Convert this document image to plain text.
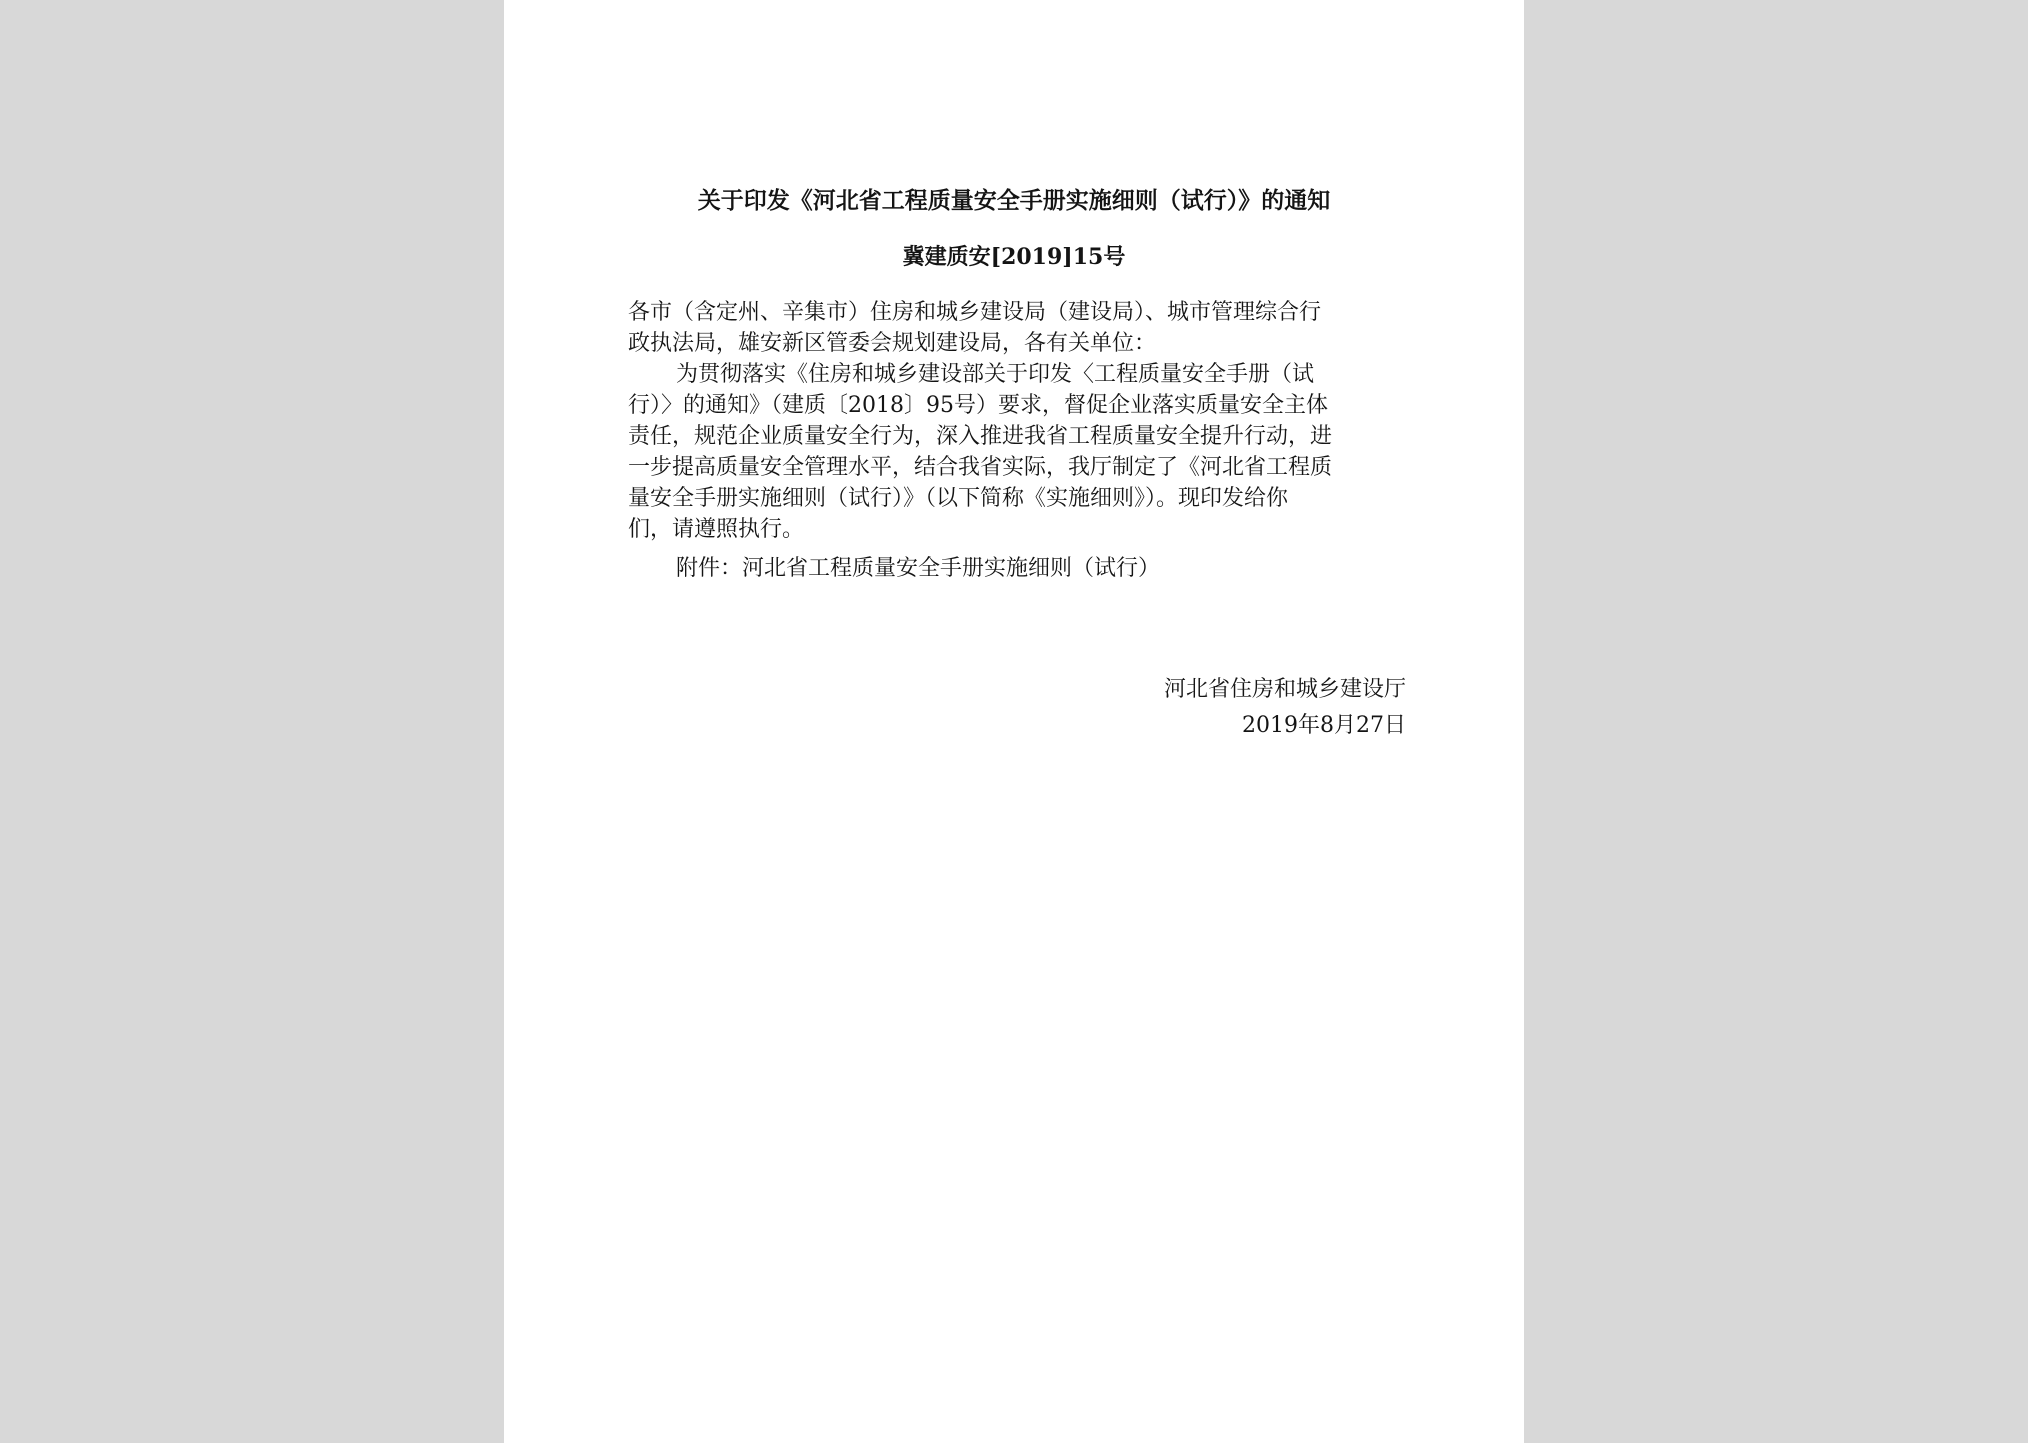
关于印发《河北省工程质量安全手册实施细则（试行）》的通知
冀建质安[2019]15号
各市（含定州、辛集市）住房和城乡建设局（建设局）、城市管理综合行
政执法局，雄安新区管委会规划建设局，各有关单位：
为贯彻落实《住房和城乡建设部关于印发〈工程质量安全手册（试
行）〉的通知》（建质〔2018〕95号）要求，督促企业落实质量安全主体
责任，规范企业质量安全行为，深入推进我省工程质量安全提升行动，进
一步提高质量安全管理水平，结合我省实际，我厅制定了《河北省工程质
量安全手册实施细则（试行）》（以下简称《实施细则》）。现印发给你
们，请遵照执行。
附件：河北省工程质量安全手册实施细则（试行）
河北省住房和城乡建设厅
2019年8月27日
